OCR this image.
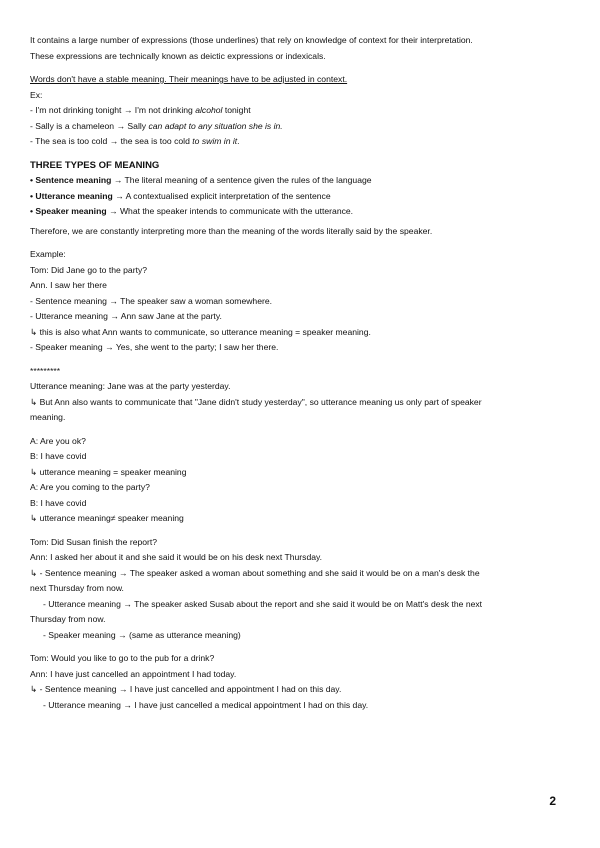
It contains a large number of expressions (those underlines) that rely on knowledge of context for their interpretation.
These expressions are technically known as deictic expressions or indexicals.
Words don't have a stable meaning. Their meanings have to be adjusted in context.
Ex:
- I'm not drinking tonight → I'm not drinking alcohol tonight
- Sally is a chameleon → Sally can adapt to any situation she is in.
- The sea is too cold → the sea is too cold to swim in it.
THREE TYPES OF MEANING
• Sentence meaning → The literal meaning of a sentence given the rules of the language
• Utterance meaning → A contextualised explicit interpretation of the sentence
• Speaker meaning → What the speaker intends to communicate with the utterance.
Therefore, we are constantly interpreting more than the meaning of the words literally said by the speaker.
Example:
Tom: Did Jane go to the party?
Ann. I saw her there
- Sentence meaning → The speaker saw a woman somewhere.
- Utterance meaning → Ann saw Jane at the party.
↳ this is also what Ann wants to communicate, so utterance meaning = speaker meaning.
- Speaker meaning → Yes, she went to the party; I saw her there.
*********
Utterance meaning: Jane was at the party yesterday.
↳ But Ann also wants to communicate that "Jane didn't study yesterday", so utterance meaning us only part of speaker
meaning.
A: Are you ok?
B: I have covid
↳ utterance meaning = speaker meaning
A: Are you coming to the party?
B: I have covid
↳ utterance meaning≠ speaker meaning
Tom: Did Susan finish the report?
Ann: I asked her about it and she said it would be on his desk next Thursday.
↳ - Sentence meaning → The speaker asked a woman about something and she said it would be on a man's desk the
next Thursday from now.
- Utterance meaning → The speaker asked Susab about the report and she said it would be on Matt's desk the next
Thursday from now.
- Speaker meaning → (same as utterance meaning)
Tom: Would you like to go to the pub for a drink?
Ann: I have just cancelled an appointment I had today.
↳ - Sentence meaning → I have just cancelled and appointment I had on this day.
- Utterance meaning → I have just cancelled a medical appointment I had on this day.
2
